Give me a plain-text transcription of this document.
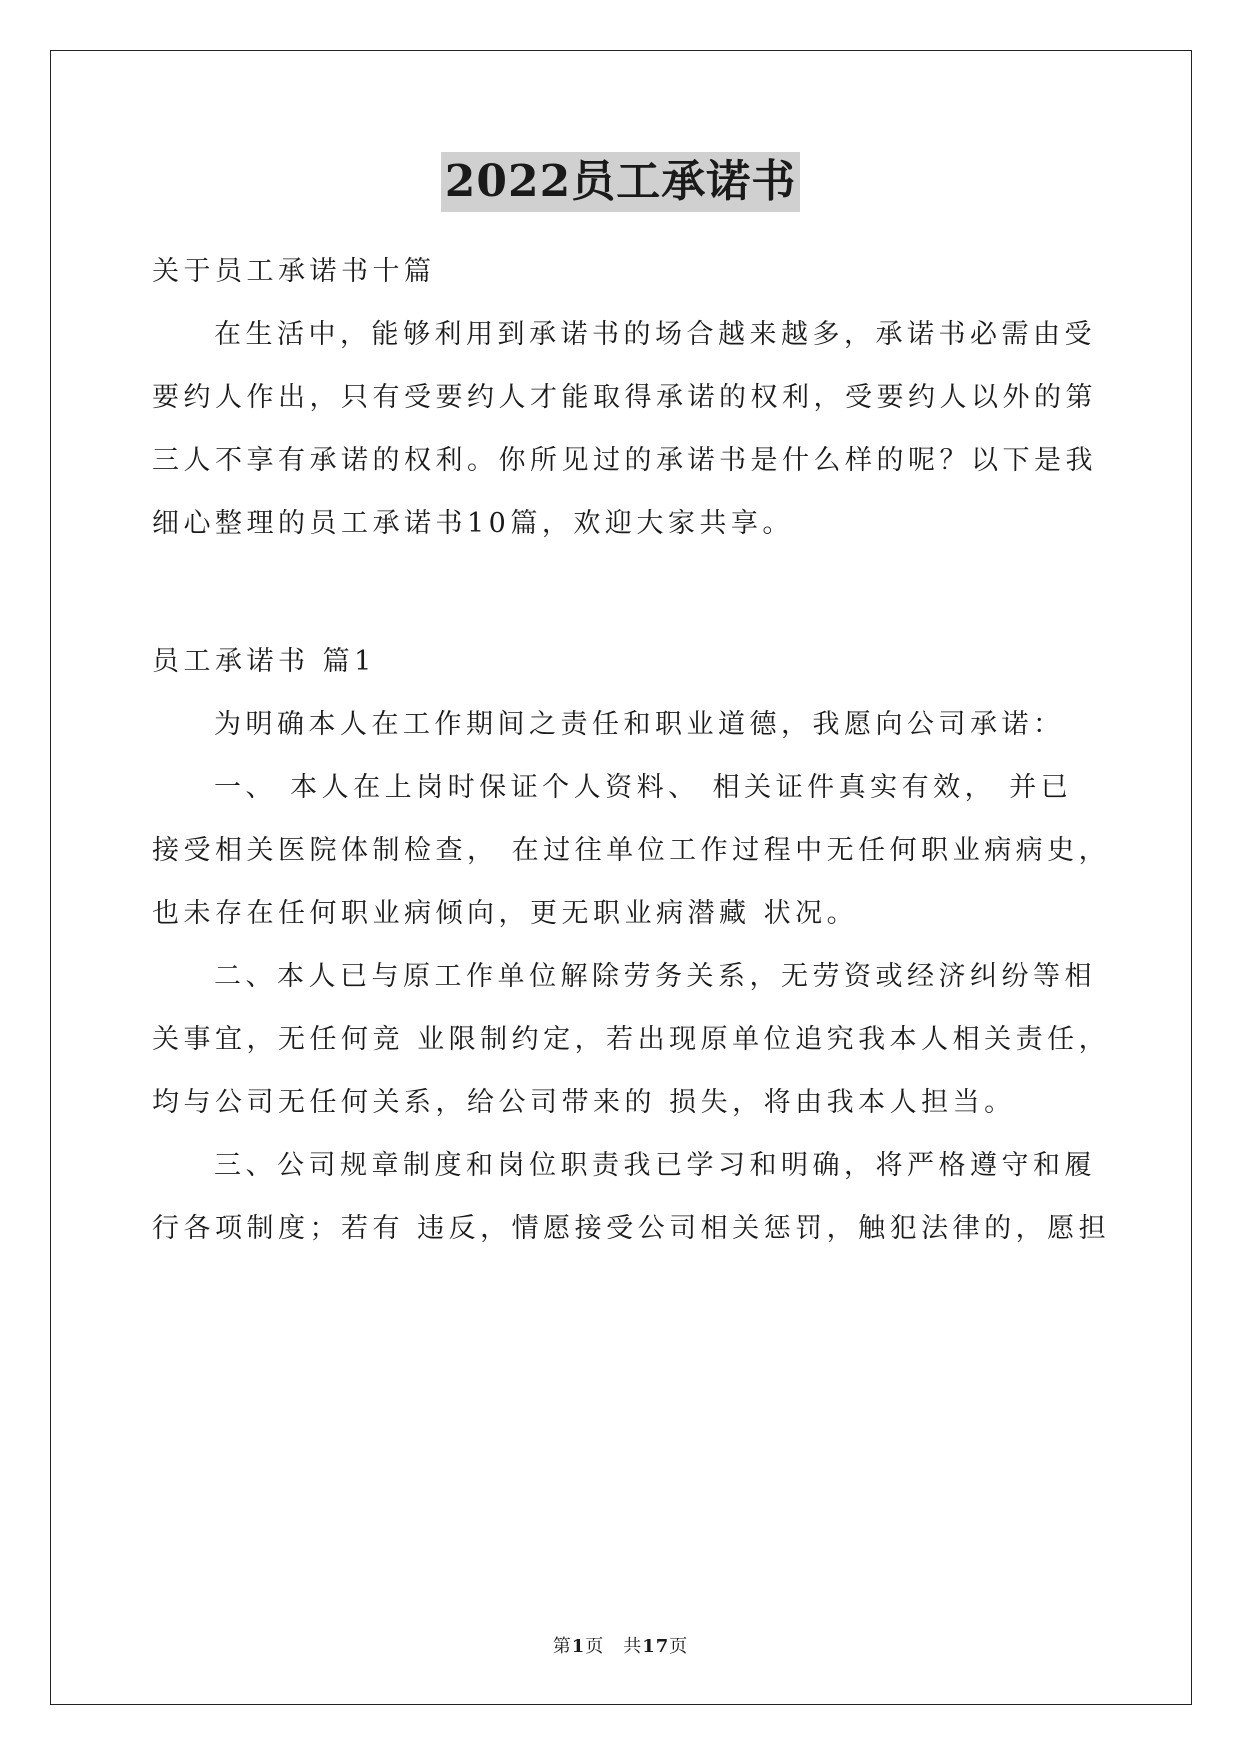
2022员工承诺书

关于员工承诺书十篇

在生活中，能够利用到承诺书的场合越来越多，承诺书必需由受

要约人作出，只有受要约人才能取得承诺的权利，受要约人以外的第

三人不享有承诺的权利。你所见过的承诺书是什么样的呢？以下是我

细心整理的员工承诺书10篇，欢迎大家共享。

员工承诺书 篇1

为明确本人在工作期间之责任和职业道德，我愿向公司承诺：

一、 本人在上岗时保证个人资料、 相关证件真实有效， 并已

接受相关医院体制检查， 在过往单位工作过程中无任何职业病病史，

也未存在任何职业病倾向，更无职业病潜藏 状况。

二、本人已与原工作单位解除劳务关系，无劳资或经济纠纷等相

关事宜，无任何竞 业限制约定，若出现原单位追究我本人相关责任，

均与公司无任何关系，给公司带来的 损失，将由我本人担当。

三、公司规章制度和岗位职责我已学习和明确，将严格遵守和履

行各项制度；若有 违反，情愿接受公司相关惩罚，触犯法律的，愿担

第1页　共17页
